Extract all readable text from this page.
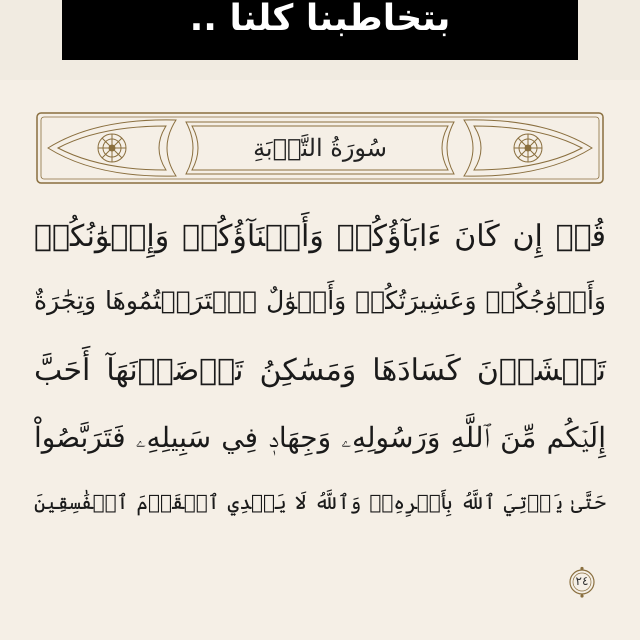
بتخاطبنا كلنا ..
سُورَةُ التَّوۡبَةِ
قُلۡ إِن كَانَ ءَابَآؤُكُمۡ وَأَبۡنَآؤُكُمۡ وَإِخۡوَٰنُكُمۡ
وَأَزۡوَٰجُكُمۡ وَعَشِيرَتُكُمۡ وَأَمۡوَٰلٌ ٱقۡتَرَفۡتُمُوهَا وَتِجَٰرَةٌ
تَخۡشَوۡنَ كَسَادَهَا وَمَسَٰكِنُ تَرۡضَوۡنَهَآ أَحَبَّ
إِلَيۡكُم مِّنَ ٱللَّهِ وَرَسُولِهِۦ وَجِهَادٖ فِي سَبِيلِهِۦ فَتَرَبَّصُواْ
حَتَّىٰ يَأۡتِيَ ٱللَّهُ بِأَمۡرِهِۦۗ وَٱللَّهُ لَا يَهۡدِي ٱلۡقَوۡمَ ٱلۡفَٰسِقِينَ
٢٤
